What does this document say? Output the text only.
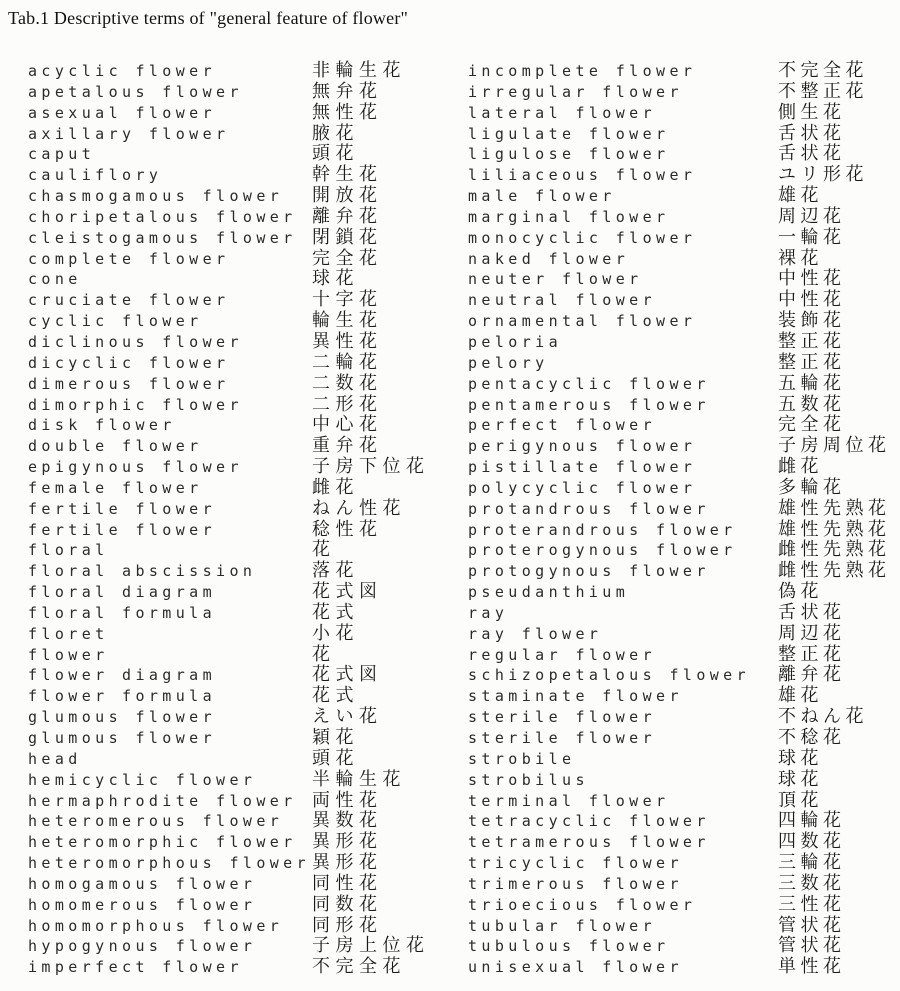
Tab.1 Descriptive terms of "general feature of flower"
acyclic flower	非輪生花
apetalous flower	無弁花
asexual flower	無性花
axillary flower	腋花
caput	頭花
cauliflory	幹生花
chasmogamous flower	開放花
choripetalous flower 離弁花
cleistogamous flower 閉鎖花
complete flower	完全花
cone	球花
cruciate flower	十字花
cyclic flower	輪生花
diclinous flower	異性花
dicyclic flower	二輪花
dimerous flower	二数花
dimorphic flower	二形花
disk flower	中心花
double flower	重弁花
epigynous flower	子房下位花
female flower	雌花
fertile flower	ねん性花
fertile flower	稔性花
floral	花
floral abscission	落花
floral diagram	花式図
floral formula	花式
floret	小花
flower	花
flower diagram	花式図
flower formula	花式
glumous flower	えい花
glumous flower	穎花
head	頭花
hemicyclic flower	半輪生花
hermaphrodite flower 両性花
heteromerous flower	異数花
heteromorphic flower 異形花
heteromorphous flower 異形花
homogamous flower	同性花
homomerous flower	同数花
homomorphous flower	同形花
hypogynous flower	子房上位花
imperfect flower	不完全花
incomplete flower	不完全花
irregular flower	不整正花
lateral flower	側生花
ligulate flower	舌状花
ligulose flower	舌状花
liliaceous flower	ユリ形花
male flower	雄花
marginal flower	周辺花
monocyclic flower	一輪花
naked flower	裸花
neuter flower	中性花
neutral flower	中性花
ornamental flower	装飾花
peloria	整正花
pelory	整正花
pentacyclic flower	五輪花
pentamerous flower	五数花
perfect flower	完全花
perigynous flower	子房周位花
pistillate flower	雌花
polycyclic flower	多輪花
protandrous flower	雄性先熟花
proterandrous flower	雄性先熟花
proterogynous flower	雌性先熟花
protogynous flower	雌性先熟花
pseudanthium	偽花
ray	舌状花
ray flower	周辺花
regular flower	整正花
schizopetalous flower	離弁花
staminate flower	雄花
sterile flower	不ねん花
sterile flower	不稔花
strobile	球花
strobilus	球花
terminal flower	頂花
tetracyclic flower	四輪花
tetramerous flower	四数花
tricyclic flower	三輪花
trimerous flower	三数花
trioecious flower	三性花
tubular flower	管状花
tubulous flower	管状花
unisexual flower	単性花
